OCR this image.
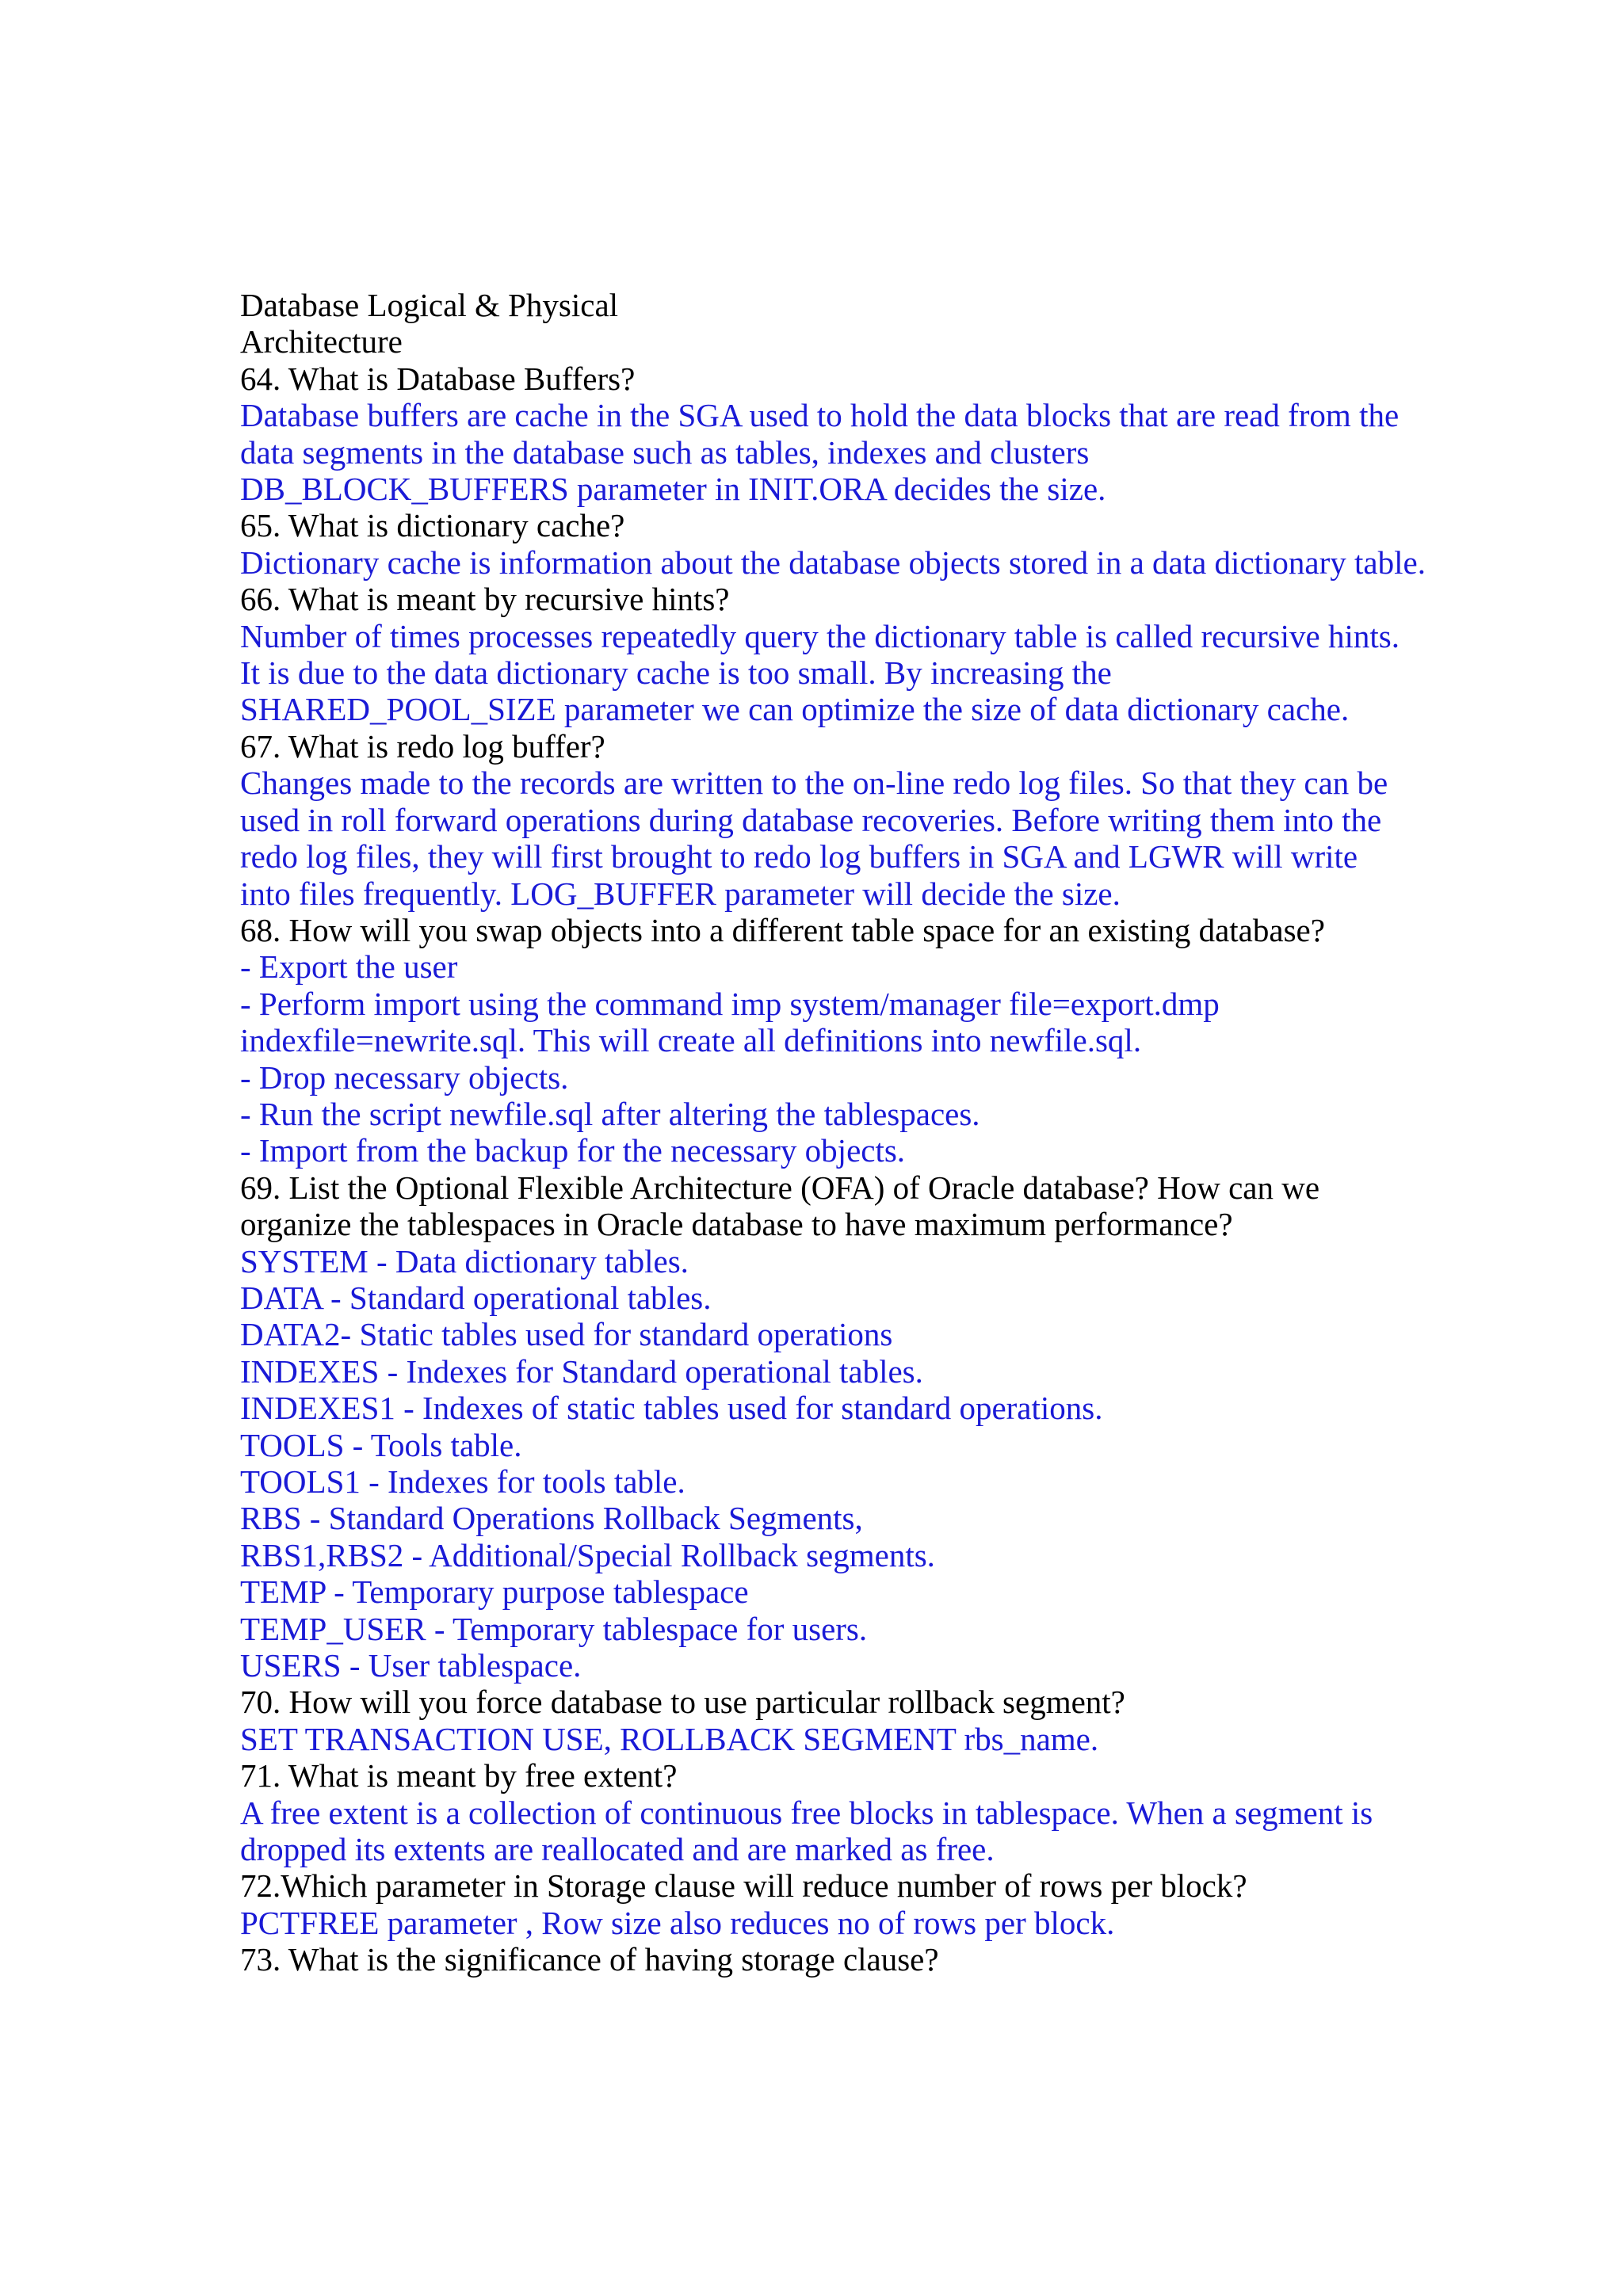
Database Logical & Physical

Architecture

64. What is Database Buffers?

Database buffers are cache in the SGA used to hold the data blocks that are read from the

data segments in the database such as tables, indexes and clusters

DB_BLOCK_BUFFERS parameter in INIT.ORA decides the size.

65. What is dictionary cache?

Dictionary cache is information about the database objects stored in a data dictionary table.

66. What is meant by recursive hints?

Number of times processes repeatedly query the dictionary table is called recursive hints.

It is due to the data dictionary cache is too small. By increasing the

SHARED_POOL_SIZE parameter we can optimize the size of data dictionary cache.

67. What is redo log buffer?

Changes made to the records are written to the on-line redo log files. So that they can be

used in roll forward operations during database recoveries. Before writing them into the

redo log files, they will first brought to redo log buffers in SGA and LGWR will write

into files frequently. LOG_BUFFER parameter will decide the size.

68. How will you swap objects into a different table space for an existing database?

- Export the user

- Perform import using the command imp system/manager file=export.dmp

indexfile=newrite.sql. This will create all definitions into newfile.sql.

- Drop necessary objects.

- Run the script newfile.sql after altering the tablespaces.

- Import from the backup for the necessary objects.

69. List the Optional Flexible Architecture (OFA) of Oracle database? How can we

organize the tablespaces in Oracle database to have maximum performance?

SYSTEM - Data dictionary tables.

DATA - Standard operational tables.

DATA2- Static tables used for standard operations

INDEXES - Indexes for Standard operational tables.

INDEXES1 - Indexes of static tables used for standard operations.

TOOLS - Tools table.

TOOLS1 - Indexes for tools table.

RBS - Standard Operations Rollback Segments,

RBS1,RBS2 - Additional/Special Rollback segments.

TEMP - Temporary purpose tablespace

TEMP_USER - Temporary tablespace for users.

USERS - User tablespace.

70. How will you force database to use particular rollback segment?

SET TRANSACTION USE, ROLLBACK SEGMENT rbs_name.

71. What is meant by free extent?

A free extent is a collection of continuous free blocks in tablespace. When a segment is

dropped its extents are reallocated and are marked as free.

72.Which parameter in Storage clause will reduce number of rows per block?

PCTFREE parameter , Row size also reduces no of rows per block.

73. What is the significance of having storage clause?
